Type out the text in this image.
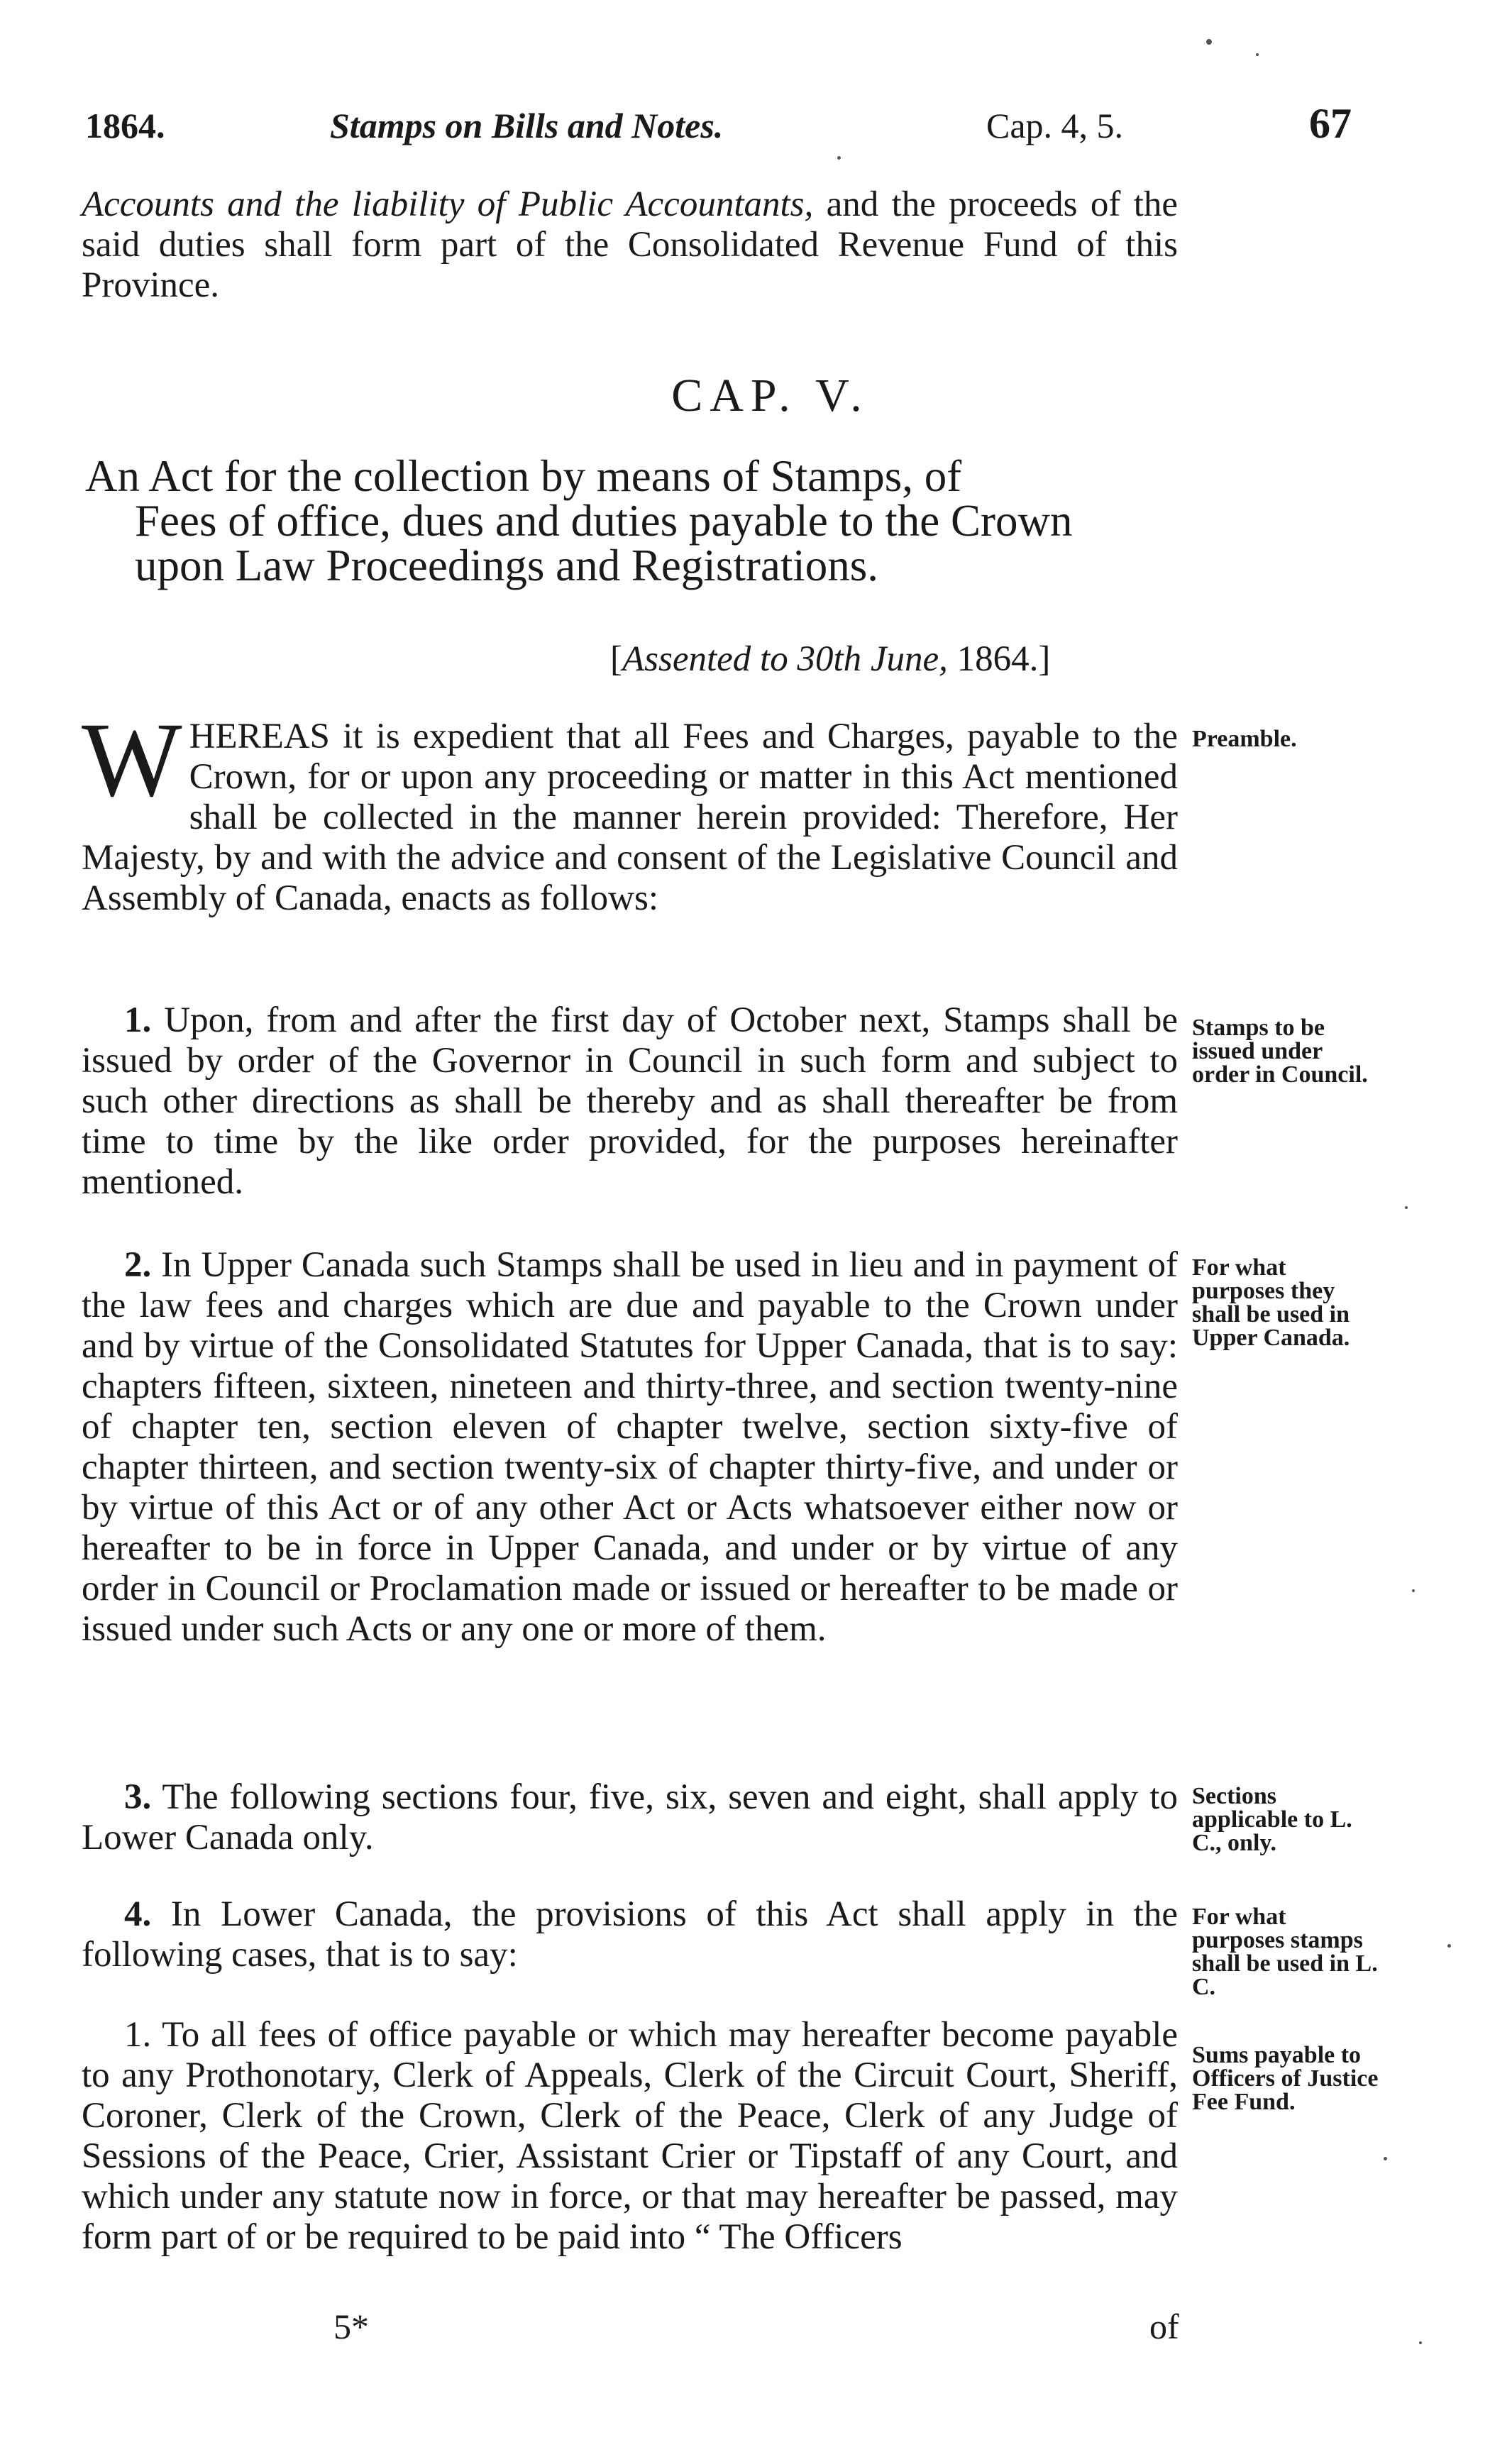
1864.	Stamps on Bills and Notes.	Cap. 4, 5.	67
Accounts and the liability of Public Accountants, and the proceeds of the said duties shall form part of the Consolidated Revenue Fund of this Province.
CAP. V.
An Act for the collection by means of Stamps, of
Fees of office, dues and duties payable to the Crown
upon Law Proceedings and Registrations.
[Assented to 30th June, 1864.]
WHEREAS it is expedient that all Fees and Charges, payable to the Crown, for or upon any proceeding or matter in this Act mentioned shall be collected in the manner herein provided: Therefore, Her Majesty, by and with the advice and consent of the Legislative Council and Assembly of Canada, enacts as follows:
Preamble.
1. Upon, from and after the first day of October next, Stamps shall be issued by order of the Governor in Council in such form and subject to such other directions as shall be thereby and as shall thereafter be from time to time by the like order provided, for the purposes hereinafter mentioned.
Stamps to be issued under order in Council.
2. In Upper Canada such Stamps shall be used in lieu and in payment of the law fees and charges which are due and payable to the Crown under and by virtue of the Consolidated Statutes for Upper Canada, that is to say: chapters fifteen, sixteen, nineteen and thirty-three, and section twenty-nine of chapter ten, section eleven of chapter twelve, section sixty-five of chapter thirteen, and section twenty-six of chapter thirty-five, and under or by virtue of this Act or of any other Act or Acts whatsoever either now or hereafter to be in force in Upper Canada, and under or by virtue of any order in Council or Proclamation made or issued or hereafter to be made or issued under such Acts or any one or more of them.
For what purposes they shall be used in Upper Canada.
3. The following sections four, five, six, seven and eight, shall apply to Lower Canada only.
Sections applicable to L. C., only.
4. In Lower Canada, the provisions of this Act shall apply in the following cases, that is to say:
For what purposes stamps shall be used in L. C.
1. To all fees of office payable or which may hereafter become payable to any Prothonotary, Clerk of Appeals, Clerk of the Circuit Court, Sheriff, Coroner, Clerk of the Crown, Clerk of the Peace, Clerk of any Judge of Sessions of the Peace, Crier, Assistant Crier or Tipstaff of any Court, and which under any statute now in force, or that may hereafter be passed, may form part of or be required to be paid into “ The Officers
Sums payable to Officers of Justice Fee Fund.
5*	of
